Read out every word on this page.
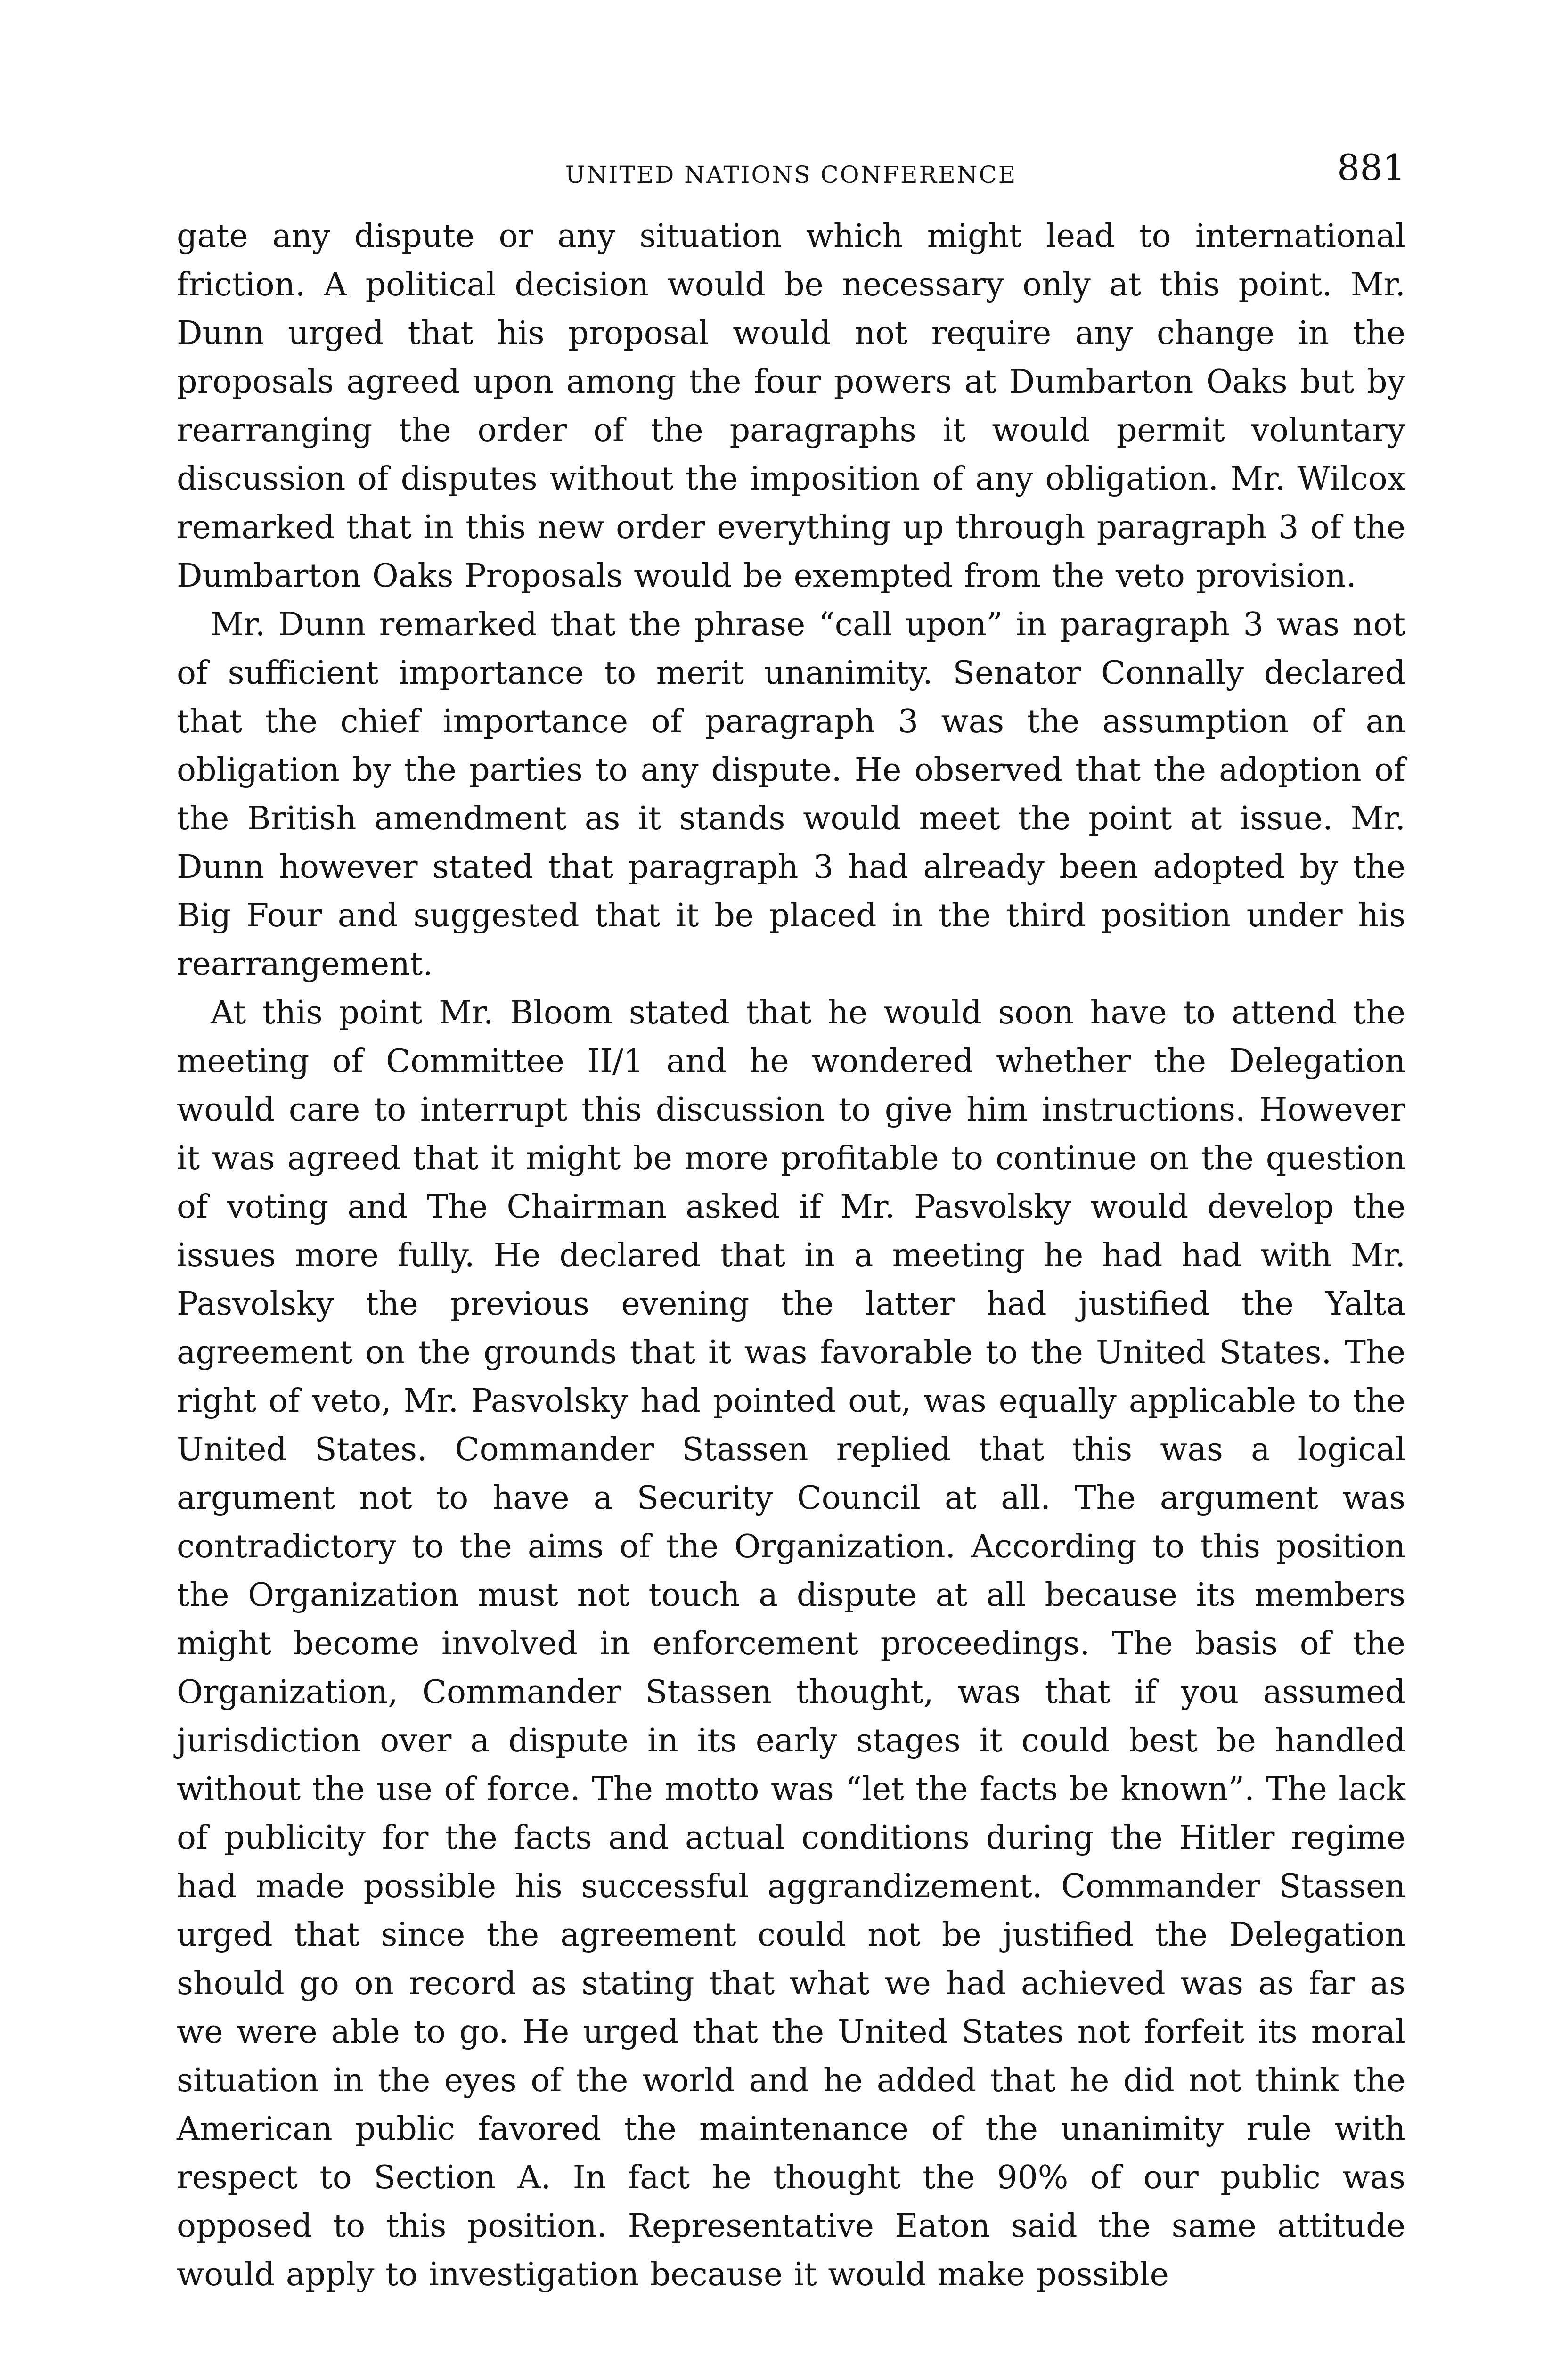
UNITED NATIONS CONFERENCE	881

gate any dispute or any situation which might lead to international friction. A political decision would be necessary only at this point. Mr. Dunn urged that his proposal would not require any change in the proposals agreed upon among the four powers at Dumbarton Oaks but by rearranging the order of the paragraphs it would permit voluntary discussion of disputes without the imposition of any obligation. Mr. Wilcox remarked that in this new order everything up through paragraph 3 of the Dumbarton Oaks Proposals would be exempted from the veto provision.

Mr. Dunn remarked that the phrase “call upon” in paragraph 3 was not of sufficient importance to merit unanimity. Senator Connally declared that the chief importance of paragraph 3 was the assumption of an obligation by the parties to any dispute. He observed that the adoption of the British amendment as it stands would meet the point at issue. Mr. Dunn however stated that paragraph 3 had already been adopted by the Big Four and suggested that it be placed in the third position under his rearrangement.

At this point Mr. Bloom stated that he would soon have to attend the meeting of Committee II/1 and he wondered whether the Delegation would care to interrupt this discussion to give him instructions. However it was agreed that it might be more profitable to continue on the question of voting and The Chairman asked if Mr. Pasvolsky would develop the issues more fully. He declared that in a meeting he had had with Mr. Pasvolsky the previous evening the latter had justified the Yalta agreement on the grounds that it was favorable to the United States. The right of veto, Mr. Pasvolsky had pointed out, was equally applicable to the United States. Commander Stassen replied that this was a logical argument not to have a Security Council at all. The argument was contradictory to the aims of the Organization. According to this position the Organization must not touch a dispute at all because its members might become involved in enforcement proceedings. The basis of the Organization, Commander Stassen thought, was that if you assumed jurisdiction over a dispute in its early stages it could best be handled without the use of force. The motto was “let the facts be known”. The lack of publicity for the facts and actual conditions during the Hitler regime had made possible his successful aggrandizement. Commander Stassen urged that since the agreement could not be justified the Delegation should go on record as stating that what we had achieved was as far as we were able to go. He urged that the United States not forfeit its moral situation in the eyes of the world and he added that he did not think the American public favored the maintenance of the unanimity rule with respect to Section A. In fact he thought the 90% of our public was opposed to this position. Representative Eaton said the same attitude would apply to investigation because it would make possible
